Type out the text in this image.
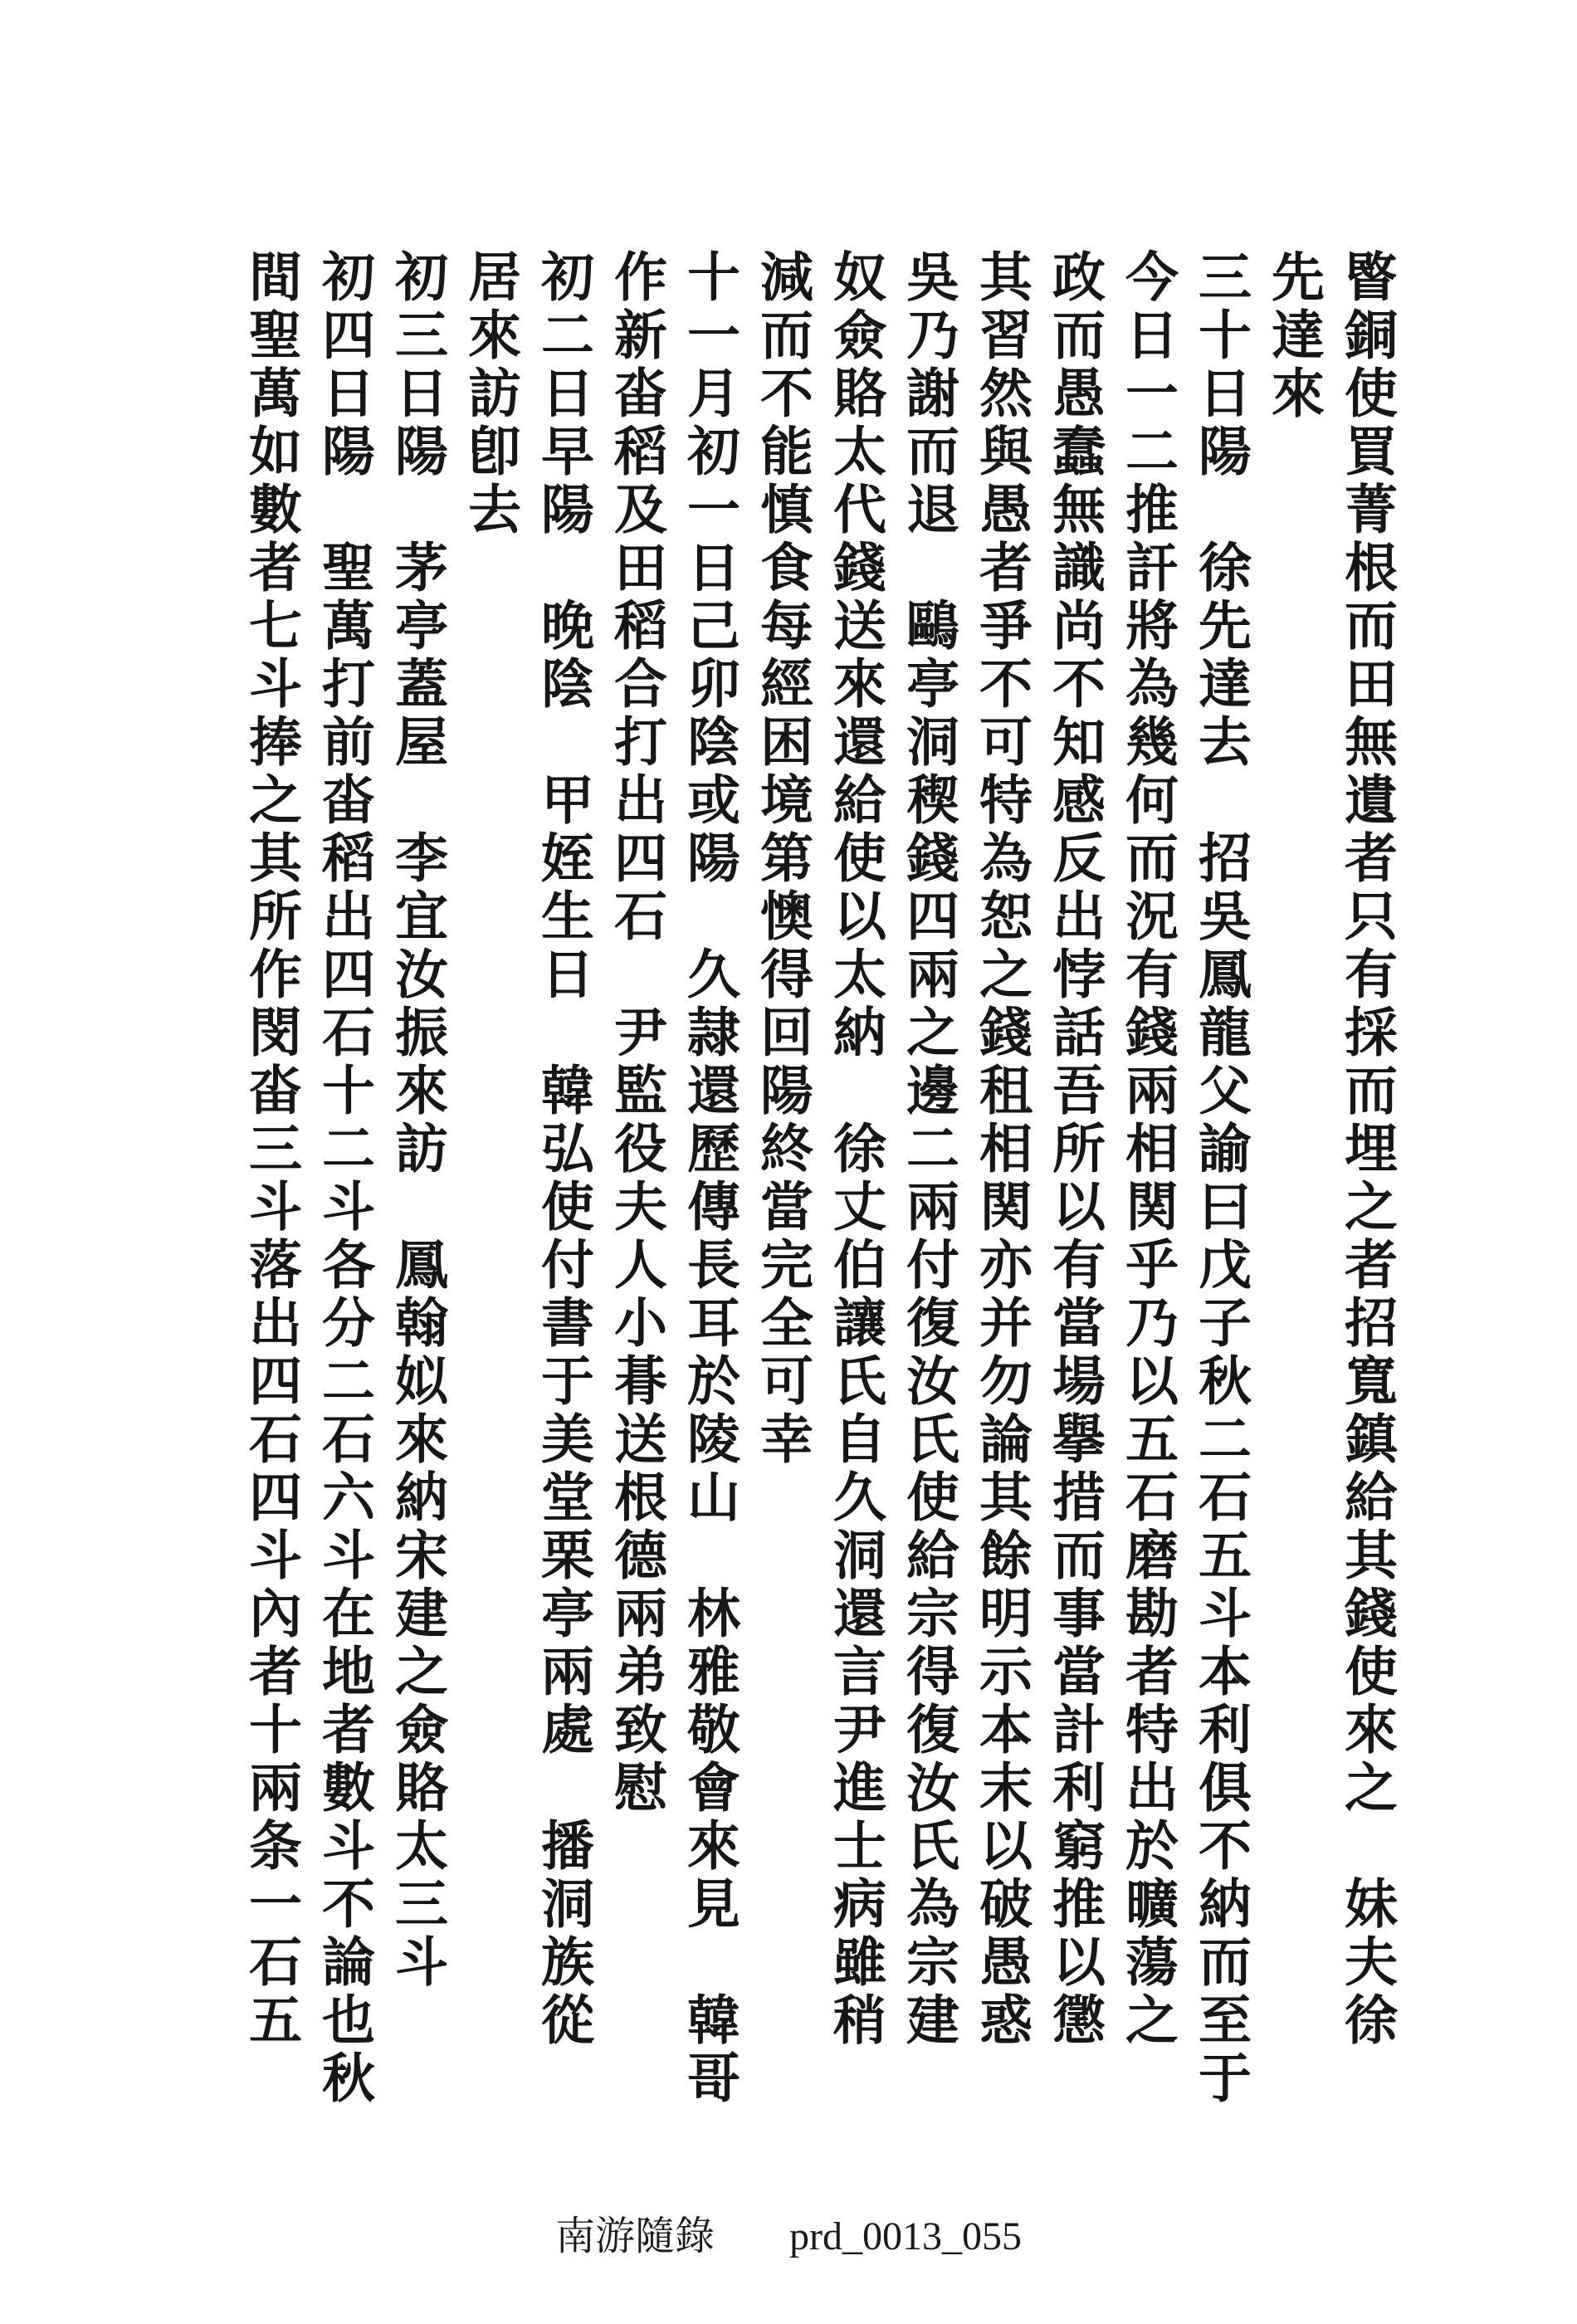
睯銅使買菁根而田無遺者只有採而埋之者招寬鎮給其錢使來之　妹夫徐
先達來
三十日陽　徐先達去　招吳鳳龍父諭曰戊子秋二石五斗本利俱不納而至于
今日一二推訐將為幾何而況有錢兩相関乎乃以五石磨勘者特出於曠蕩之
政而愚蠢無識尚不知感反出悖話吾所以有當場擧措而事當計利窮推以懲
其習然與愚者爭不可特為恕之錢租相関亦并勿論其餘明示本末以破愚惑
吳乃謝而退　鷗亭洞稧錢四兩之邊二兩付復汝氏使給宗得復汝氏為宗建
奴僉賂太代錢送來還給使以太納　徐丈伯讓氏自久洞還言尹進士病雖稍
減而不能慎食每經困境第懊得回陽終當完全可幸
十一月初一日己卯陰或陽　久隷還歷傳長耳於陵山　林雅敬會來見　韓哥
作新畓稻及田稻合打出四石　尹監役夫人小朞送根德兩弟致慰
初二日早陽　晚陰　甲姪生日　韓弘使付書于美堂栗亭兩處　播洞族從
居來訪卽去
初三日陽　茅亭蓋屋　李宜汝振來訪　鳳翰姒來納宋建之僉賂太三斗
初四日陽　聖萬打前畓稻出四石十二斗各分二石六斗在地者數斗不論也秋
間聖萬如數者七斗捧之其所作閔畓三斗落出四石四斗內者十兩条一石五
南游隨錄 prd_0013_055
